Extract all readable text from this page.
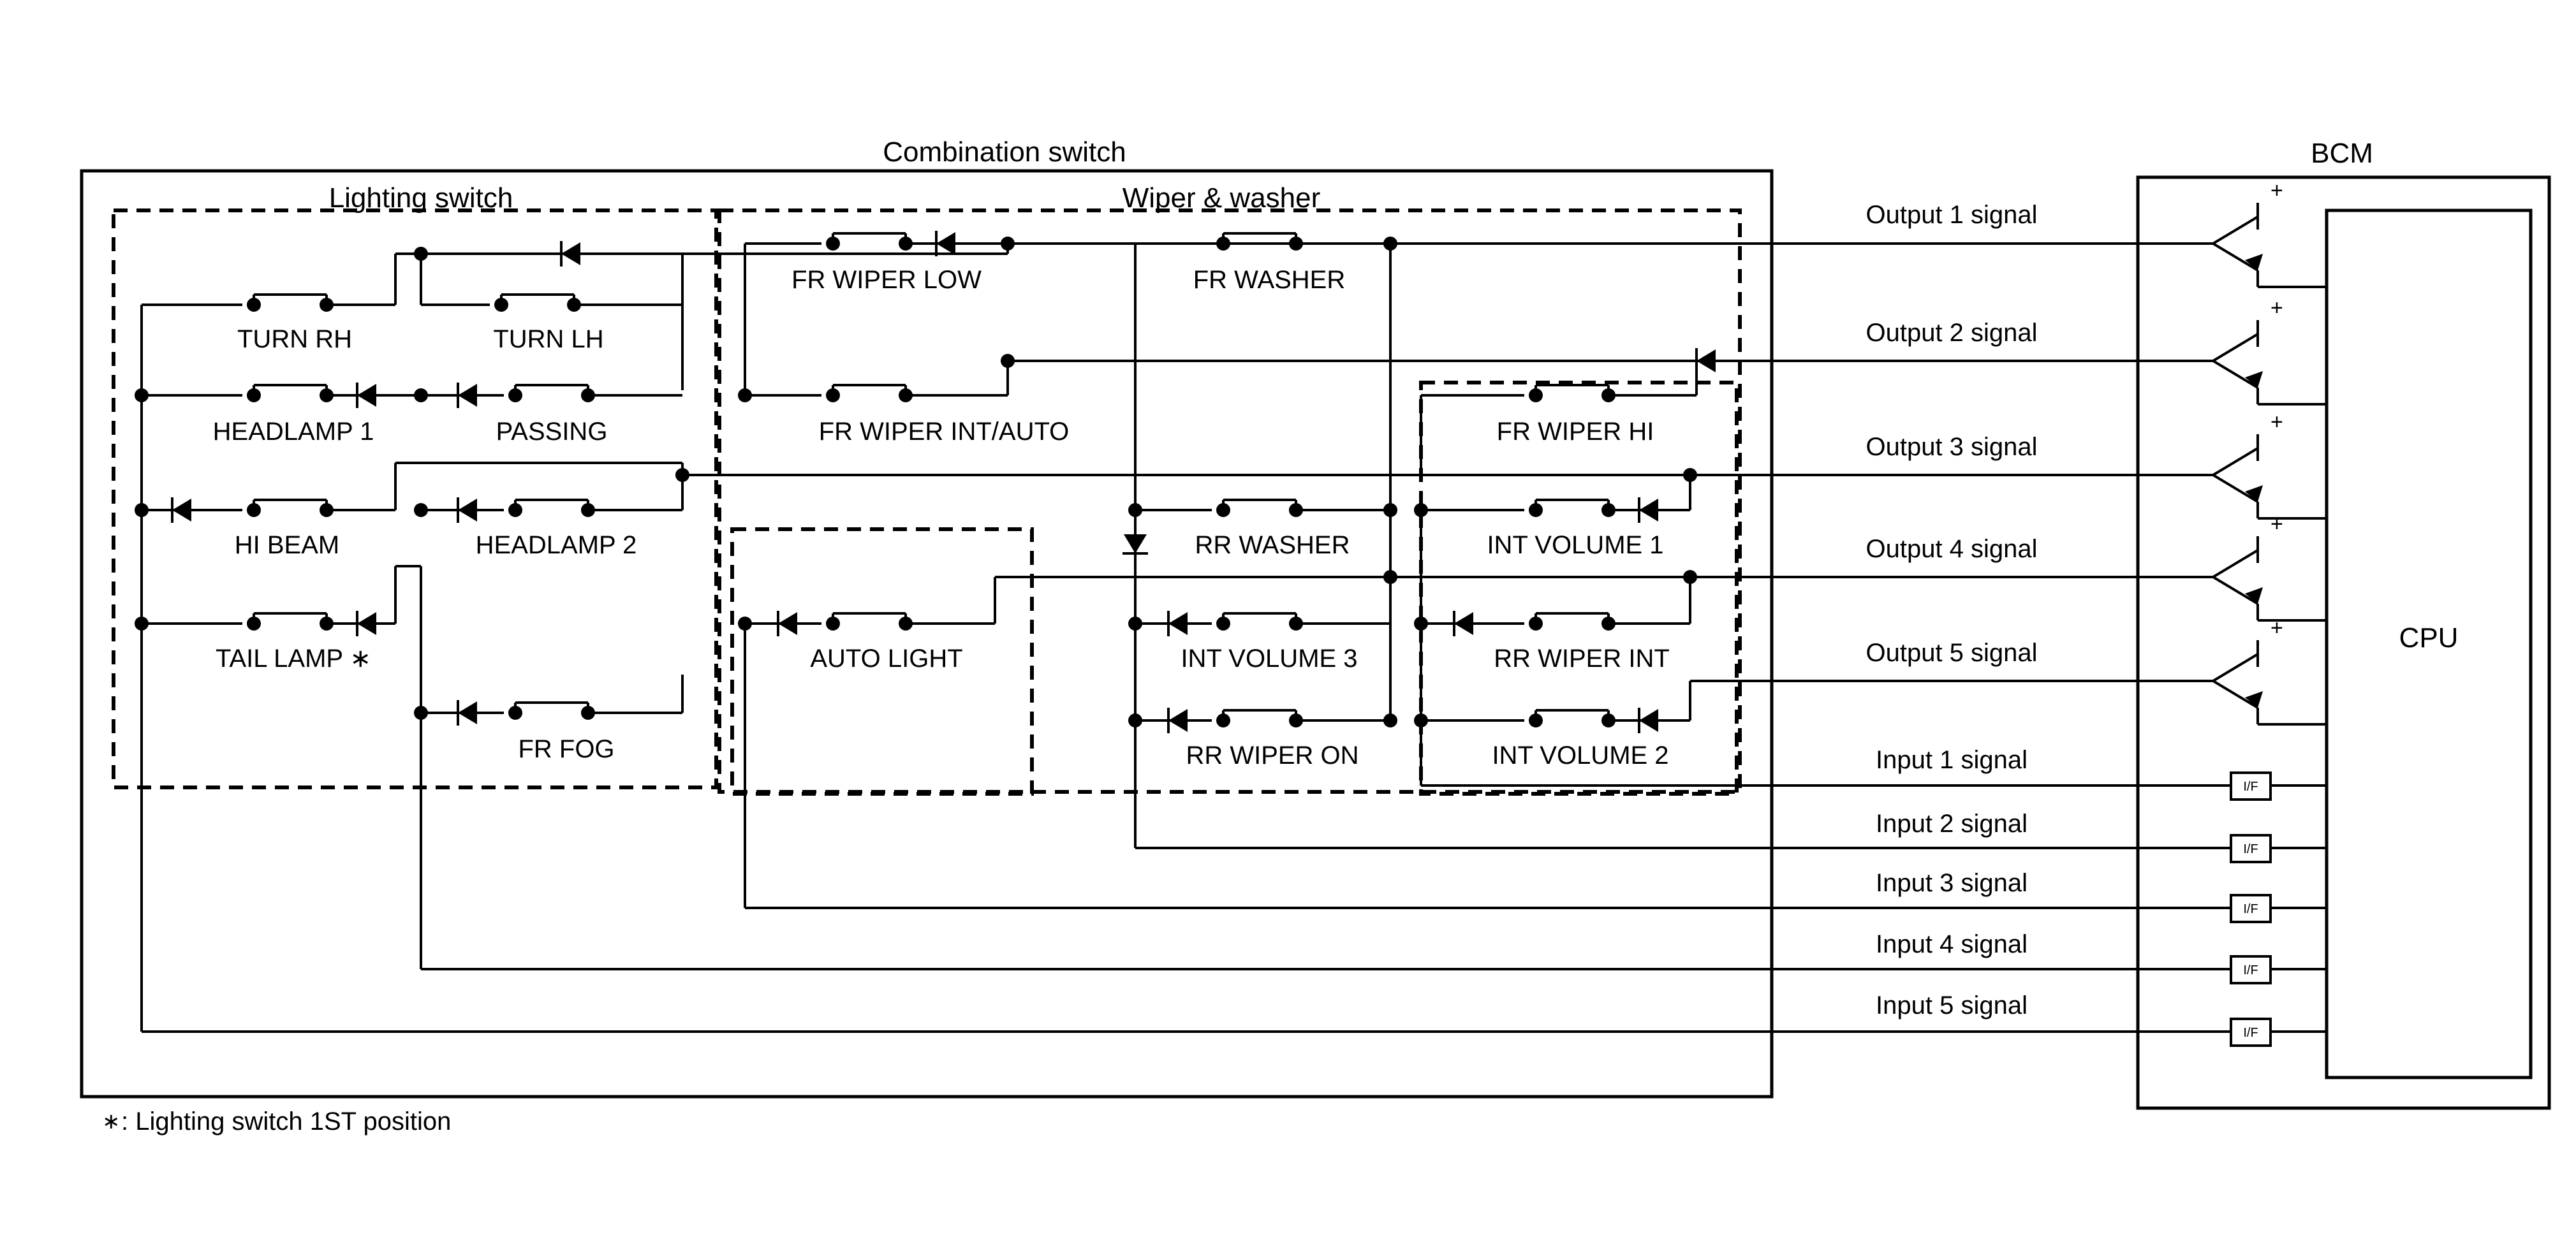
Combination switch
Lighting switch	Wiper & washer
BCM
CPU
Output 1 signal
Output 2 signal
Output 3 signal
Output 4 signal
Output 5 signal
Input 1 signal
Input 2 signal
Input 3 signal
Input 4 signal
Input 5 signal
+
+
+
+
+
I/F
I/F
I/F
I/F
I/F
TURN RH	TURN LH
HEADLAMP 1	PASSING
HI BEAM	HEADLAMP 2
TAIL LAMP ∗
FR FOG
FR WIPER LOW	FR WASHER
FR WIPER INT/AUTO	FR WIPER HI
RR WASHER	INT VOLUME 1
AUTO LIGHT	INT VOLUME 3	RR WIPER INT
RR WIPER ON	INT VOLUME 2
∗ : Lighting switch 1ST position
